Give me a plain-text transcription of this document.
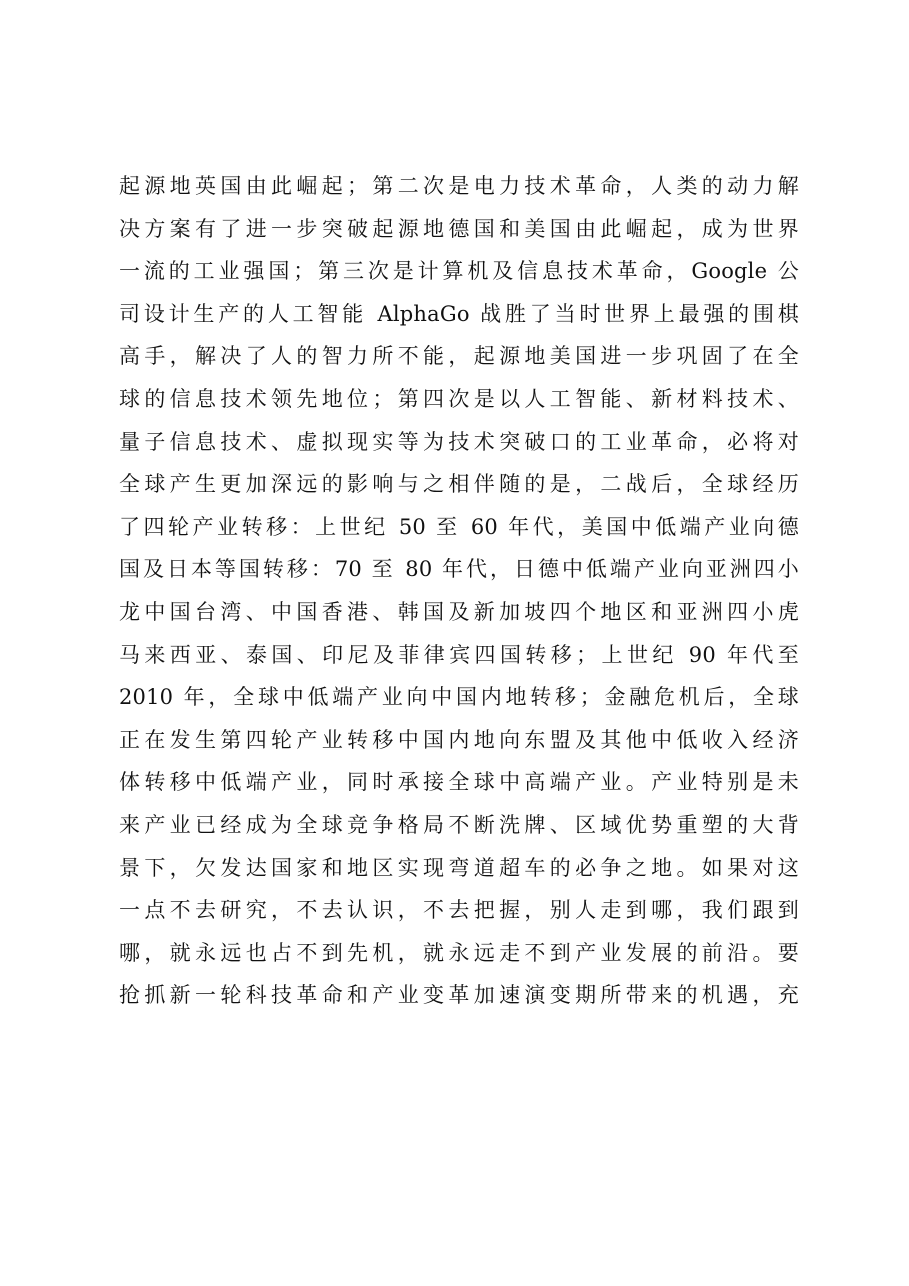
起源地英国由此崛起；第二次是电力技术革命，人类的动力解
决方案有了进一步突破起源地德国和美国由此崛起，成为世界
一流的工业强国；第三次是计算机及信息技术革命，Google 公
司设计生产的人工智能 AlphaGo 战胜了当时世界上最强的围棋
高手，解决了人的智力所不能，起源地美国进一步巩固了在全
球的信息技术领先地位；第四次是以人工智能、新材料技术、
量子信息技术、虚拟现实等为技术突破口的工业革命，必将对
全球产生更加深远的影响与之相伴随的是，二战后，全球经历
了四轮产业转移：上世纪 50 至 60 年代，美国中低端产业向德
国及日本等国转移：70 至 80 年代，日德中低端产业向亚洲四小
龙中国台湾、中国香港、韩国及新加坡四个地区和亚洲四小虎
马来西亚、泰国、印尼及菲律宾四国转移；上世纪 90 年代至
2010 年，全球中低端产业向中国内地转移；金融危机后，全球
正在发生第四轮产业转移中国内地向东盟及其他中低收入经济
体转移中低端产业，同时承接全球中高端产业。产业特别是未
来产业已经成为全球竞争格局不断洗牌、区域优势重塑的大背
景下，欠发达国家和地区实现弯道超车的必争之地。如果对这
一点不去研究，不去认识，不去把握，别人走到哪，我们跟到
哪，就永远也占不到先机，就永远走不到产业发展的前沿。要
抢抓新一轮科技革命和产业变革加速演变期所带来的机遇，充
